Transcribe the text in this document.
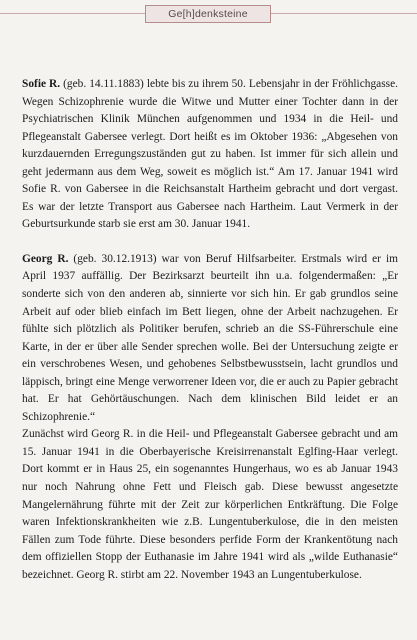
Ge[h]denksteine

Sofie R. (geb. 14.11.1883) lebte bis zu ihrem 50. Lebensjahr in der Fröhlichgasse. Wegen Schizophrenie wurde die Witwe und Mutter einer Tochter dann in der Psychiatrischen Klinik München aufgenommen und 1934 in die Heil- und Pflegeanstalt Gabersee verlegt. Dort heißt es im Oktober 1936: „Abgesehen von kurzdauernden Erregungszuständen gut zu haben. Ist immer für sich allein und geht jedermann aus dem Weg, soweit es möglich ist.“ Am 17. Januar 1941 wird Sofie R. von Gabersee in die Reichsanstalt Hartheim gebracht und dort vergast. Es war der letzte Transport aus Gabersee nach Hartheim. Laut Vermerk in der Geburtsurkunde starb sie erst am 30. Januar 1941.

Georg R. (geb. 30.12.1913) war von Beruf Hilfsarbeiter. Erstmals wird er im April 1937 auffällig. Der Bezirksarzt beurteilt ihn u.a. folgendermaßen: „Er sonderte sich von den anderen ab, sinnierte vor sich hin. Er gab grundlos seine Arbeit auf oder blieb einfach im Bett liegen, ohne der Arbeit nachzugehen. Er fühlte sich plötzlich als Politiker berufen, schrieb an die SS-Führerschule eine Karte, in der er über alle Sender sprechen wolle. Bei der Untersuchung zeigte er ein verschrobenes Wesen, und gehobenes Selbstbewusstsein, lacht grundlos und läppisch, bringt eine Menge verworrener Ideen vor, die er auch zu Papier gebracht hat. Er hat Gehörtäuschungen. Nach dem klinischen Bild leidet er an Schizophrenie.“

Zunächst wird Georg R. in die Heil- und Pflegeanstalt Gabersee gebracht und am 15. Januar 1941 in die Oberbayerische Kreisirrenanstalt Eglfing-Haar verlegt. Dort kommt er in Haus 25, ein sogenanntes Hungerhaus, wo es ab Januar 1943 nur noch Nahrung ohne Fett und Fleisch gab. Diese bewusst angesetzte Mangelernährung führte mit der Zeit zur körperlichen Entkräftung. Die Folge waren Infektionskrankheiten wie z.B. Lungentuberkulose, die in den meisten Fällen zum Tode führte. Diese besonders perfide Form der Krankentötung nach dem offiziellen Stopp der Euthanasie im Jahre 1941 wird als „wilde Euthanasie“ bezeichnet. Georg R. stirbt am 22. November 1943 an Lungentuberkulose.
